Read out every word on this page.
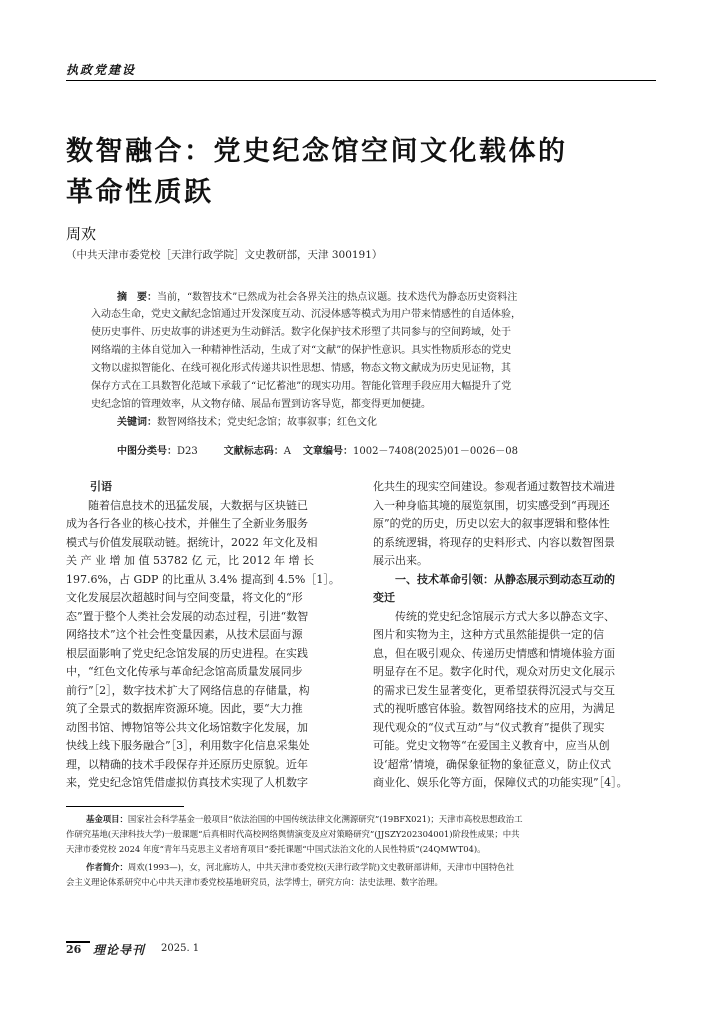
执政党建设
数智融合：党史纪念馆空间文化载体的
革命性质跃
周欢
（中共天津市委党校［天津行政学院］文史教研部，天津 300191）
摘　要：当前，“数智技术”已然成为社会各界关注的热点议题。技术迭代为静态历史资料注
入动态生命，党史文献纪念馆通过开发深度互动、沉浸体感等模式为用户带来情感性的自适体验，
使历史事件、历史故事的讲述更为生动鲜活。数字化保护技术形塑了共同参与的空间跨域，处于
网络端的主体自觉加入一种精神性活动，生成了对“文献”的保护性意识。具实性物质形态的党史
文物以虚拟智能化、在线可视化形式传递共识性思想、情感，物态文物文献成为历史见证物，其
保存方式在工具数智化范域下承载了“记忆蓄池”的现实功用。智能化管理手段应用大幅提升了党
史纪念馆的管理效率，从文物存储、展品布置到访客导览，都变得更加便捷。
关键词：数智网络技术；党史纪念馆；故事叙事；红色文化
中图分类号：D23	文献标志码：A 文章编号：1002－7408(2025)01－0026－08
引语
随着信息技术的迅猛发展，大数据与区块链已
成为各行各业的核心技术，并催生了全新业务服务
模式与价值发展联动链。据统计，2022 年文化及相
关 产 业 增 加 值 53782 亿 元，比 2012 年 增 长
197.6%，占 GDP 的比重从 3.4% 提高到 4.5%［1］。
文化发展层次超越时间与空间变量，将文化的“形
态”置于整个人类社会发展的动态过程，引进“数智
网络技术”这个社会性变量因素，从技术层面与源
根层面影响了党史纪念馆发展的历史进程。在实践
中，“红色文化传承与革命纪念馆高质量发展同步
前行”［2］，数字技术扩大了网络信息的存储量，构
筑了全景式的数据库资源环境。因此，要“大力推
动图书馆、博物馆等公共文化场馆数字化发展，加
快线上线下服务融合”［3］，利用数字化信息采集处
理，以精确的技术手段保存并还原历史原貌。近年
来，党史纪念馆凭借虚拟仿真技术实现了人机数字
化共生的现实空间建设。参观者通过数智技术端进
入一种身临其境的展览氛围，切实感受到“再现还
原”的党的历史，历史以宏大的叙事逻辑和整体性
的系统逻辑，将现存的史料形式、内容以数智图景
展示出来。
一、技术革命引领：从静态展示到动态互动的
变迁
传统的党史纪念馆展示方式大多以静态文字、
图片和实物为主，这种方式虽然能提供一定的信
息，但在吸引观众、传递历史情感和情境体验方面
明显存在不足。数字化时代，观众对历史文化展示
的需求已发生显著变化，更希望获得沉浸式与交互
式的视听感官体验。数智网络技术的应用，为满足
现代观众的“仪式互动”与“仪式教育”提供了现实
可能。党史文物等“在爱国主义教育中，应当从创
设‘超常’情境，确保象征物的象征意义，防止仪式
商业化、娱乐化等方面，保障仪式的功能实现”［4］。
基金项目：国家社会科学基金一般项目“依法治国的中国传统法律文化溯源研究”(19BFX021)；天津市高校思想政治工
作研究基地(天津科技大学)一般课题“后真相时代高校网络舆情演变及应对策略研究”(JJSZY202304001)阶段性成果；中共
天津市委党校 2024 年度“青年马克思主义者培育项目”委托课题“中国式法治文化的人民性特质”(24QMWT04)。
作者简介：周欢(1993—)，女，河北廊坊人，中共天津市委党校(天津行政学院)文史教研部讲师，天津市中国特色社
会主义理论体系研究中心中共天津市委党校基地研究员，法学博士，研究方向：法史法理、数字治理。
26 理论导刊 2025. 1
